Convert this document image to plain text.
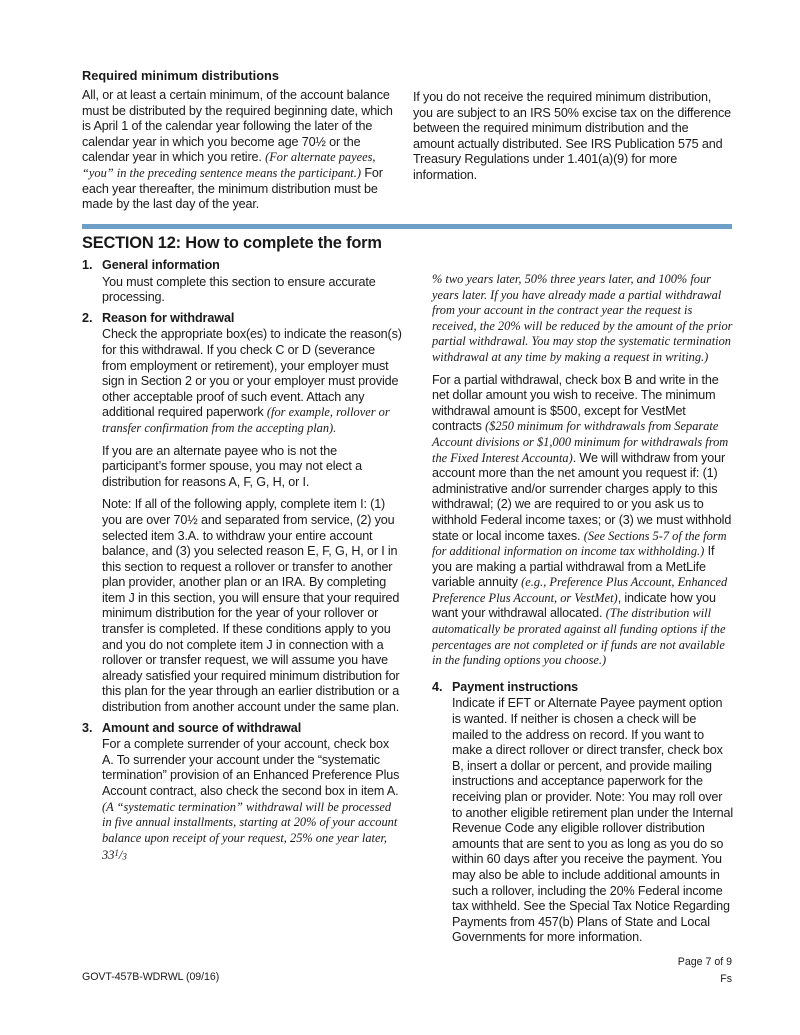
Required minimum distributions

All, or at least a certain minimum, of the account balance must be distributed by the required beginning date, which is April 1 of the calendar year following the later of the calendar year in which you become age 70½ or the calendar year in which you retire. (For alternate payees, “you” in the preceding sentence means the participant.) For each year thereafter, the minimum distribution must be made by the last day of the year.

If you do not receive the required minimum distribution, you are subject to an IRS 50% excise tax on the difference between the required minimum distribution and the amount actually distributed. See IRS Publication 575 and Treasury Regulations under 1.401(a)(9) for more information.

SECTION 12: How to complete the form
1. General information

You must complete this section to ensure accurate processing.

2. Reason for withdrawal

Check the appropriate box(es) to indicate the reason(s) for this withdrawal. If you check C or D (severance from employment or retirement), your employer must sign in Section 2 or you or your employer must provide other acceptable proof of such event. Attach any additional required paperwork (for example, rollover or transfer confirmation from the accepting plan).

If you are an alternate payee who is not the participant’s former spouse, you may not elect a distribution for reasons A, F, G, H, or I.

Note: If all of the following apply, complete item I: (1) you are over 70½ and separated from service, (2) you selected item 3.A. to withdraw your entire account balance, and (3) you selected reason E, F, G, H, or I in this section to request a rollover or transfer to another plan provider, another plan or an IRA. By completing item J in this section, you will ensure that your required minimum distribution for the year of your rollover or transfer is completed. If these conditions apply to you and you do not complete item J in connection with a rollover or transfer request, we will assume you have already satisfied your required minimum distribution for this plan for the year through an earlier distribution or a distribution from another account under the same plan.

3. Amount and source of withdrawal

For a complete surrender of your account, check box A. To surrender your account under the “systematic termination” provision of an Enhanced Preference Plus Account contract, also check the second box in item A. (A “systematic termination” withdrawal will be processed in five annual installments, starting at 20% of your account balance upon receipt of your request, 25% one year later, $33^1/3$

% two years later, 50% three years later, and 100% four years later. If you have already made a partial withdrawal from your account in the contract year the request is received, the 20% will be reduced by the amount of the prior partial withdrawal. You may stop the systematic termination withdrawal at any time by making a request in writing.)

For a partial withdrawal, check box B and write in the net dollar amount you wish to receive. The minimum withdrawal amount is $500, except for VestMet contracts ($250 minimum for withdrawals from Separate Account divisions or $1,000 minimum for withdrawals from the Fixed Interest Accounta). We will withdraw from your account more than the net amount you request if: (1) administrative and/or surrender charges apply to this withdrawal; (2) we are required to or you ask us to withhold Federal income taxes; or (3) we must withhold state or local income taxes. (See Sections 5-7 of the form for additional information on income tax withholding.) If you are making a partial withdrawal from a MetLife variable annuity (e.g., Preference Plus Account, Enhanced Preference Plus Account, or VestMet), indicate how you want your withdrawal allocated. (The distribution will automatically be prorated against all funding options if the percentages are not completed or if funds are not available in the funding options you choose.)

4. Payment instructions

Indicate if EFT or Alternate Payee payment option is wanted. If neither is chosen a check will be mailed to the address on record. If you want to make a direct rollover or direct transfer, check box B, insert a dollar or percent, and provide mailing instructions and acceptance paperwork for the receiving plan or provider. Note: You may roll over to another eligible retirement plan under the Internal Revenue Code any eligible rollover distribution amounts that are sent to you as long as you do so within 60 days after you receive the payment. You may also be able to include additional amounts in such a rollover, including the 20% Federal income tax withheld. See the Special Tax Notice Regarding Payments from 457(b) Plans of State and Local Governments for more information.

Page 7 of 9
Fs
GOVT-457B-WDRWL (09/16)
